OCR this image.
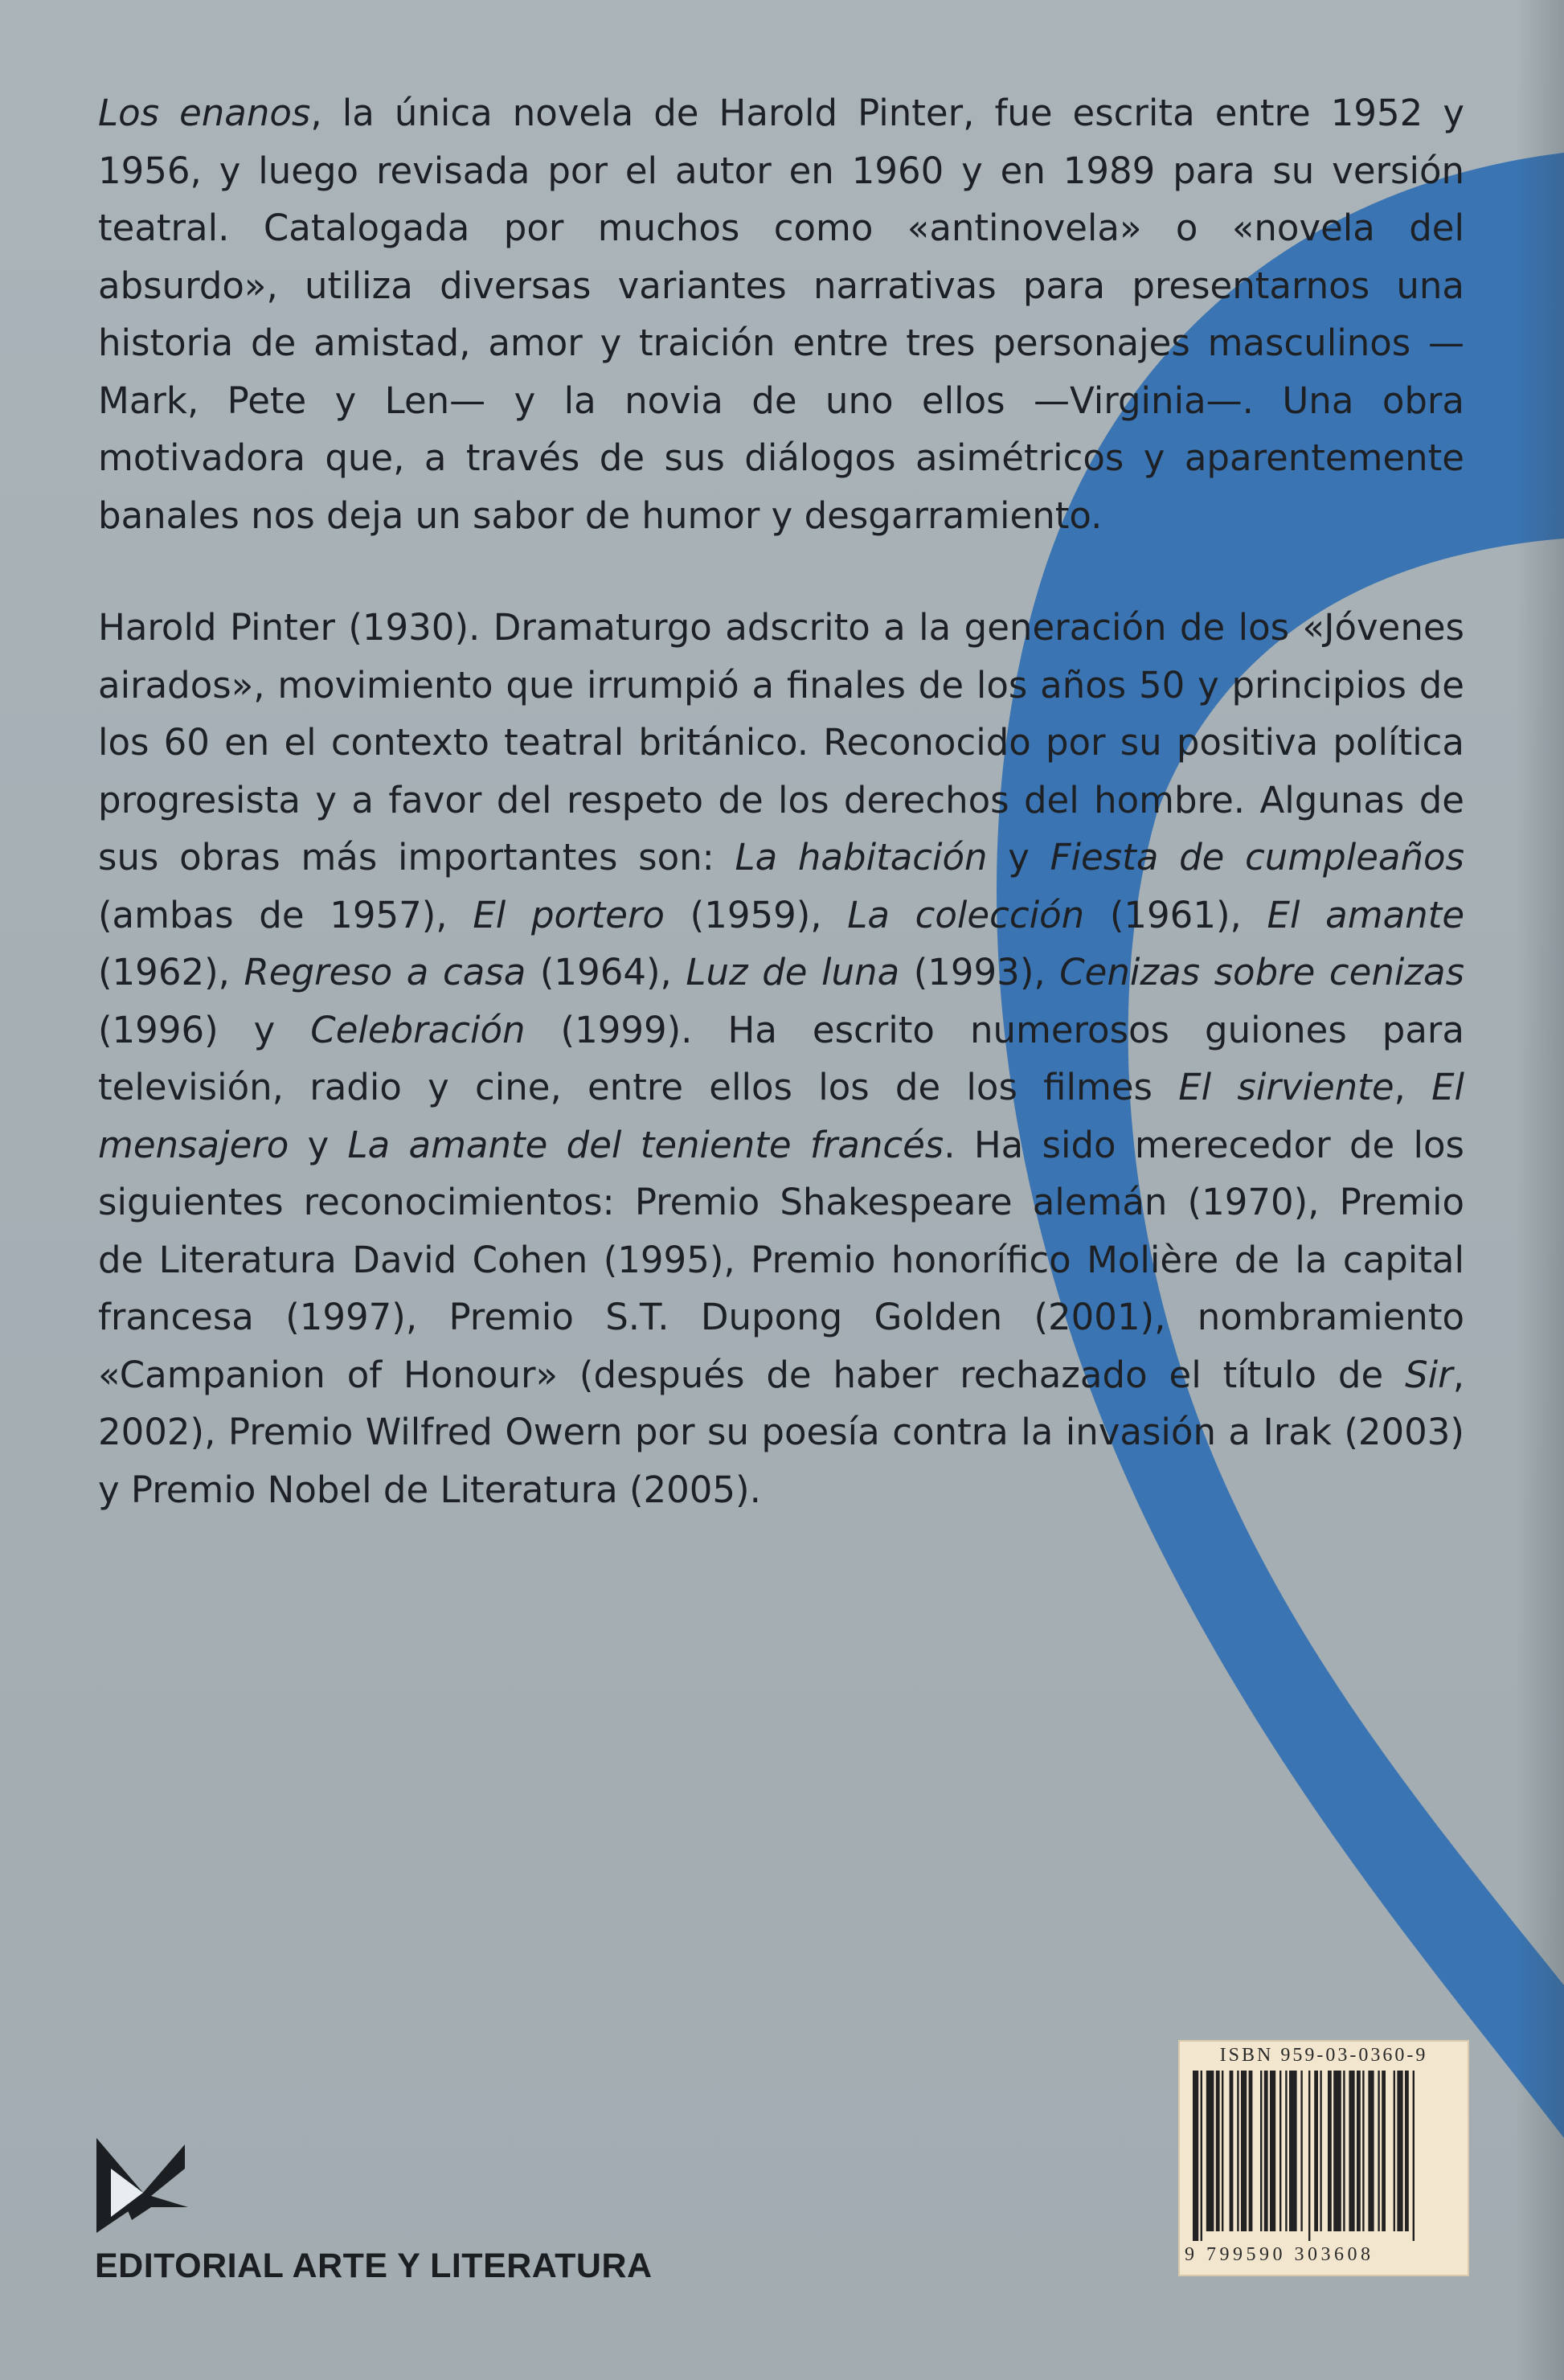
Los enanos, la única novela de Harold Pinter, fue escrita entre 1952 y 1956, y luego revisada por el autor en 1960 y en 1989 para su versión teatral. Catalogada por muchos como «antinovela» o «novela del absurdo», utiliza diversas variantes narrativas para presentarnos una historia de amistad, amor y traición entre tres personajes masculinos —Mark, Pete y Len— y la novia de uno ellos —Virginia—. Una obra motivadora que, a través de sus diálogos asimétricos y aparentemente banales nos deja un sabor de humor y desgarramiento.
Harold Pinter (1930). Dramaturgo adscrito a la generación de los «Jóvenes airados», movimiento que irrumpió a finales de los años 50 y principios de los 60 en el contexto teatral británico. Reconocido por su positiva política progresista y a favor del respeto de los derechos del hombre. Algunas de sus obras más importantes son: La habitación y Fiesta de cumpleaños (ambas de 1957), El portero (1959), La colección (1961), El amante (1962), Regreso a casa (1964), Luz de luna (1993), Cenizas sobre cenizas (1996) y Celebración (1999). Ha escrito numerosos guiones para televisión, radio y cine, entre ellos los de los filmes El sirviente, El mensajero y La amante del teniente francés. Ha sido merecedor de los siguientes reconocimientos: Premio Shakespeare alemán (1970), Premio de Literatura David Cohen (1995), Premio honorífico Molière de la capital francesa (1997), Premio S.T. Dupong Golden (2001), nombramiento «Campanion of Honour» (después de haber rechazado el título de Sir, 2002), Premio Wilfred Owern por su poesía contra la invasión a Irak (2003) y Premio Nobel de Literatura (2005).
EDITORIAL ARTE Y LITERATURA
ISBN 959-03-0360-9
9 799590 303608
